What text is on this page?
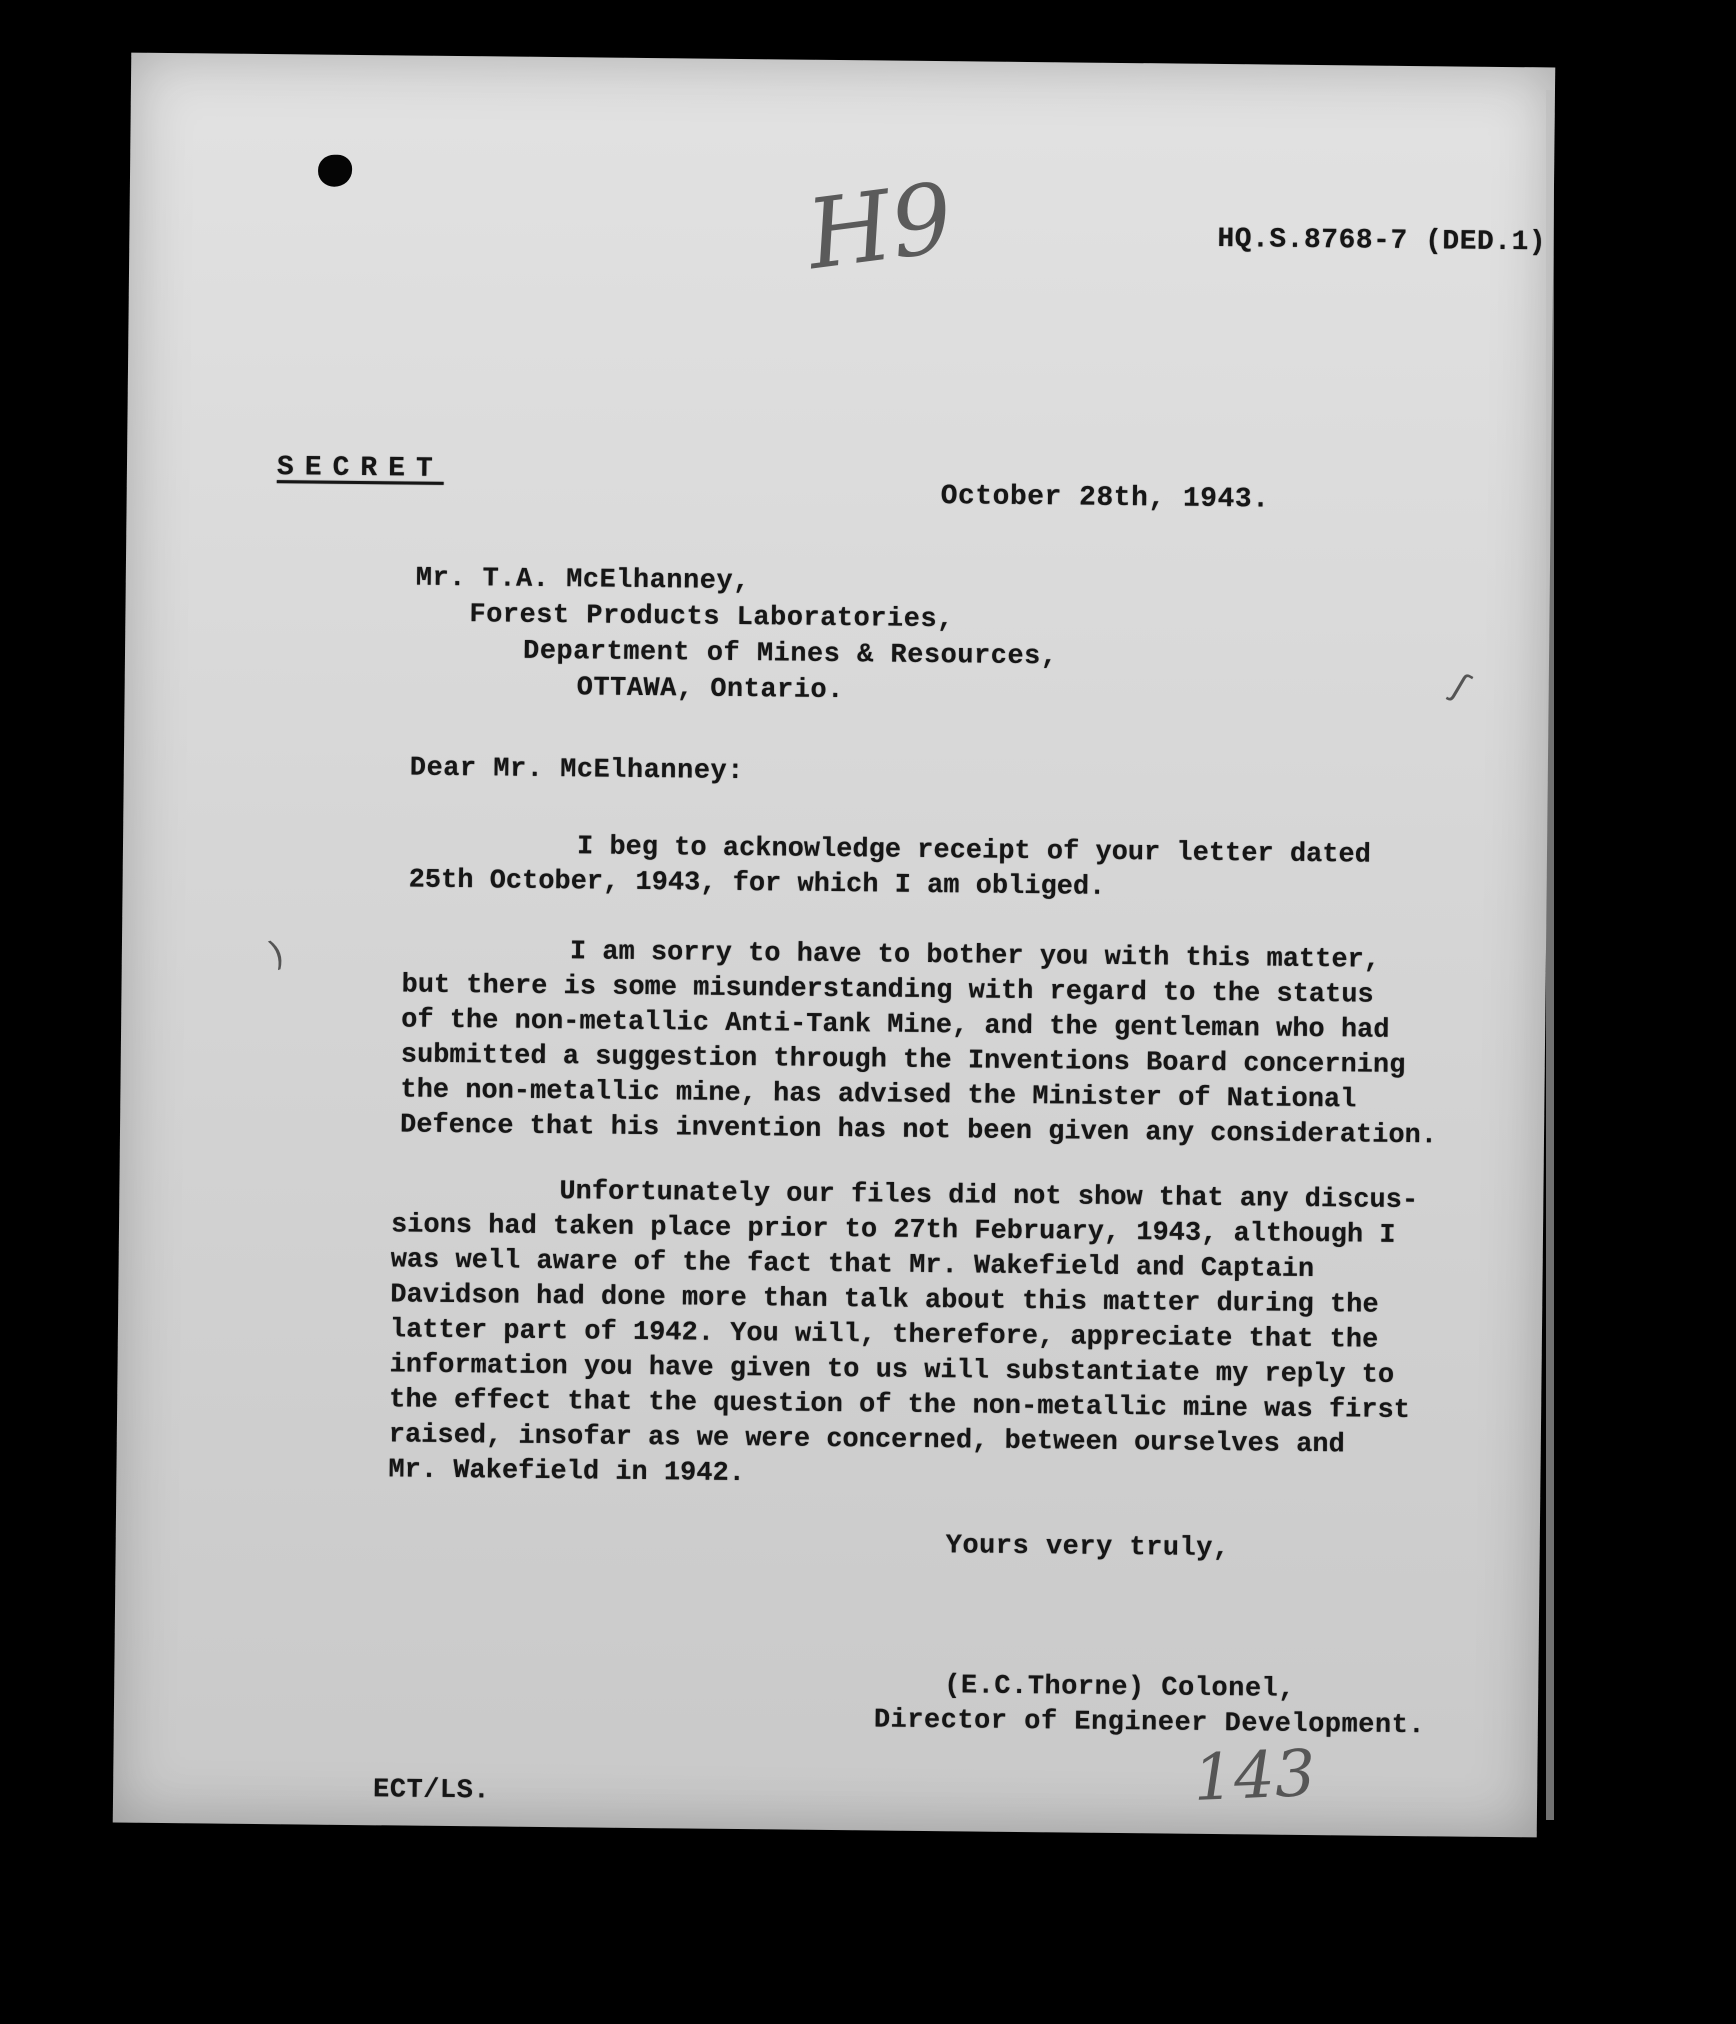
H9	HQ.S.8768-7 (DED.1)
SECRET
October 28th, 1943.
Mr. T.A. McElhanney,
Forest Products Laboratories,
Department of Mines & Resources,
OTTAWA, Ontario.
Dear Mr. McElhanney:
I beg to acknowledge receipt of your letter dated
25th October, 1943, for which I am obliged.
I am sorry to have to bother you with this matter,
but there is some misunderstanding with regard to the status
of the non-metallic Anti-Tank Mine, and the gentleman who had
submitted a suggestion through the Inventions Board concerning
the non-metallic mine, has advised the Minister of National
Defence that his invention has not been given any consideration.
Unfortunately our files did not show that any discus-
sions had taken place prior to 27th February, 1943, although I
was well aware of the fact that Mr. Wakefield and Captain
Davidson had done more than talk about this matter during the
latter part of 1942. You will, therefore, appreciate that the
information you have given to us will substantiate my reply to
the effect that the question of the non-metallic mine was first
raised, insofar as we were concerned, between ourselves and
Mr. Wakefield in 1942.
Yours very truly,
(E.C.Thorne) Colonel,
Director of Engineer Development.
ECT/LS.	143
)
ʃ
